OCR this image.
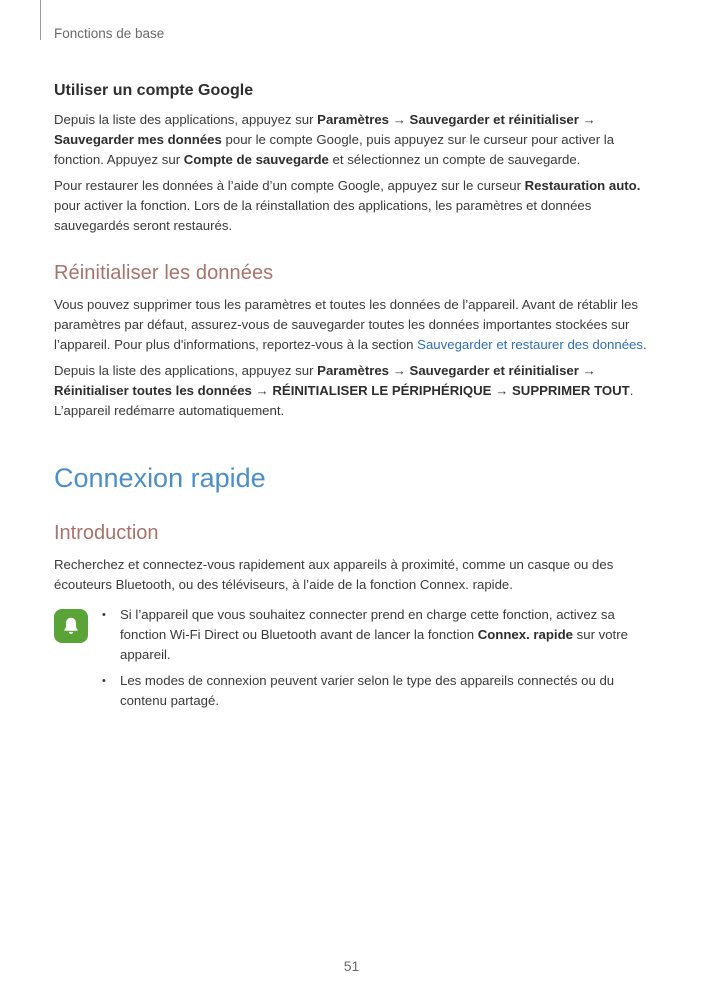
Fonctions de base
Utiliser un compte Google

Depuis la liste des applications, appuyez sur Paramètres → Sauvegarder et réinitialiser → Sauvegarder mes données pour le compte Google, puis appuyez sur le curseur pour activer la fonction. Appuyez sur Compte de sauvegarde et sélectionnez un compte de sauvegarde.

Pour restaurer les données à l’aide d’un compte Google, appuyez sur le curseur Restauration auto. pour activer la fonction. Lors de la réinstallation des applications, les paramètres et données sauvegardés seront restaurés.

Réinitialiser les données

Vous pouvez supprimer tous les paramètres et toutes les données de l’appareil. Avant de rétablir les paramètres par défaut, assurez-vous de sauvegarder toutes les données importantes stockées sur l’appareil. Pour plus d'informations, reportez-vous à la section Sauvegarder et restaurer des données.

Depuis la liste des applications, appuyez sur Paramètres → Sauvegarder et réinitialiser → Réinitialiser toutes les données → RÉINITIALISER LE PÉRIPHÉRIQUE → SUPPRIMER TOUT. L’appareil redémarre automatiquement.

Connexion rapide
Introduction

Recherchez et connectez-vous rapidement aux appareils à proximité, comme un casque ou des écouteurs Bluetooth, ou des téléviseurs, à l’aide de la fonction Connex. rapide.

• Si l’appareil que vous souhaitez connecter prend en charge cette fonction, activez sa fonction Wi-Fi Direct ou Bluetooth avant de lancer la fonction Connex. rapide sur votre appareil.
• Les modes de connexion peuvent varier selon le type des appareils connectés ou du contenu partagé.
51
